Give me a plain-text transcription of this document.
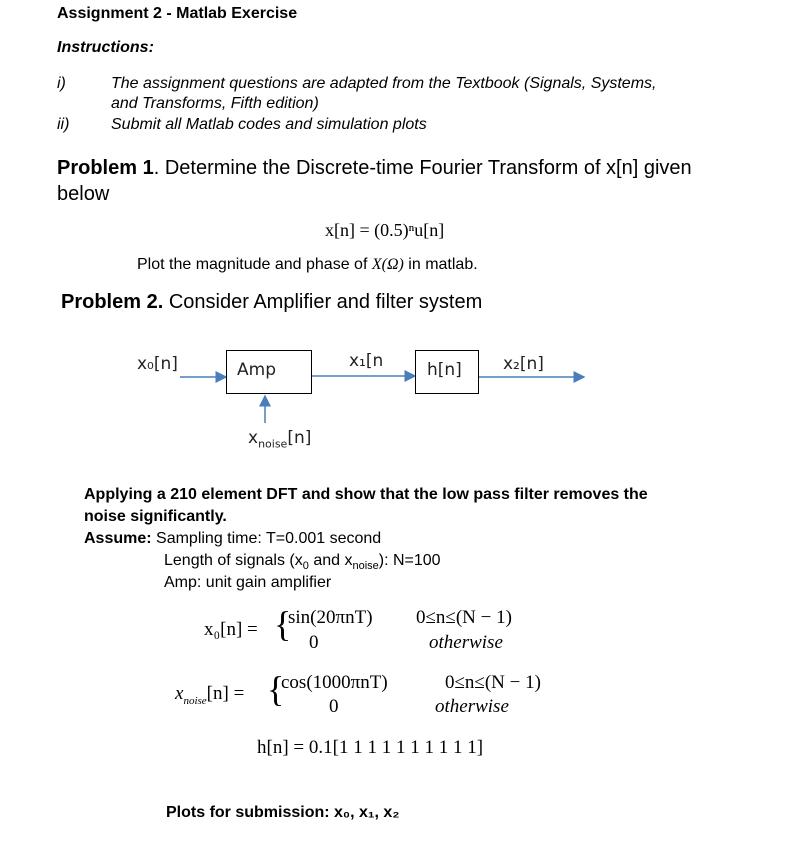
Assignment 2 - Matlab Exercise
Instructions:
i)	The assignment questions are adapted from the Textbook (Signals, Systems,
and Transforms, Fifth edition)
ii)	Submit all Matlab codes and simulation plots
Problem 1. Determine the Discrete-time Fourier Transform of x[n] given
below
x[n] = (0.5)ⁿu[n]
Plot the magnitude and phase of X(Ω) in matlab.
Problem 2. Consider Amplifier and filter system
x₀[n]	Amp	x₁[n	h[n] x₂[n]
$x_{noise}[n]$
Applying a 210 element DFT and show that the low pass filter removes the
noise significantly.
Assume: Sampling time: T=0.001 second
Length of signals ($x_0$ and $x_{noise}$): N=100
Amp: unit gain amplifier
x₀[n] = {
sin(20πnT) 0≤n≤(N − 1)
0	otherwise
$x_{noise}[n]$ = {
cos(1000πnT)	0≤n≤(N − 1)
0	otherwise
h[n] = 0.1[1 1 1 1 1 1 1 1 1 1]
Plots for submission: x₀, x₁, x₂
